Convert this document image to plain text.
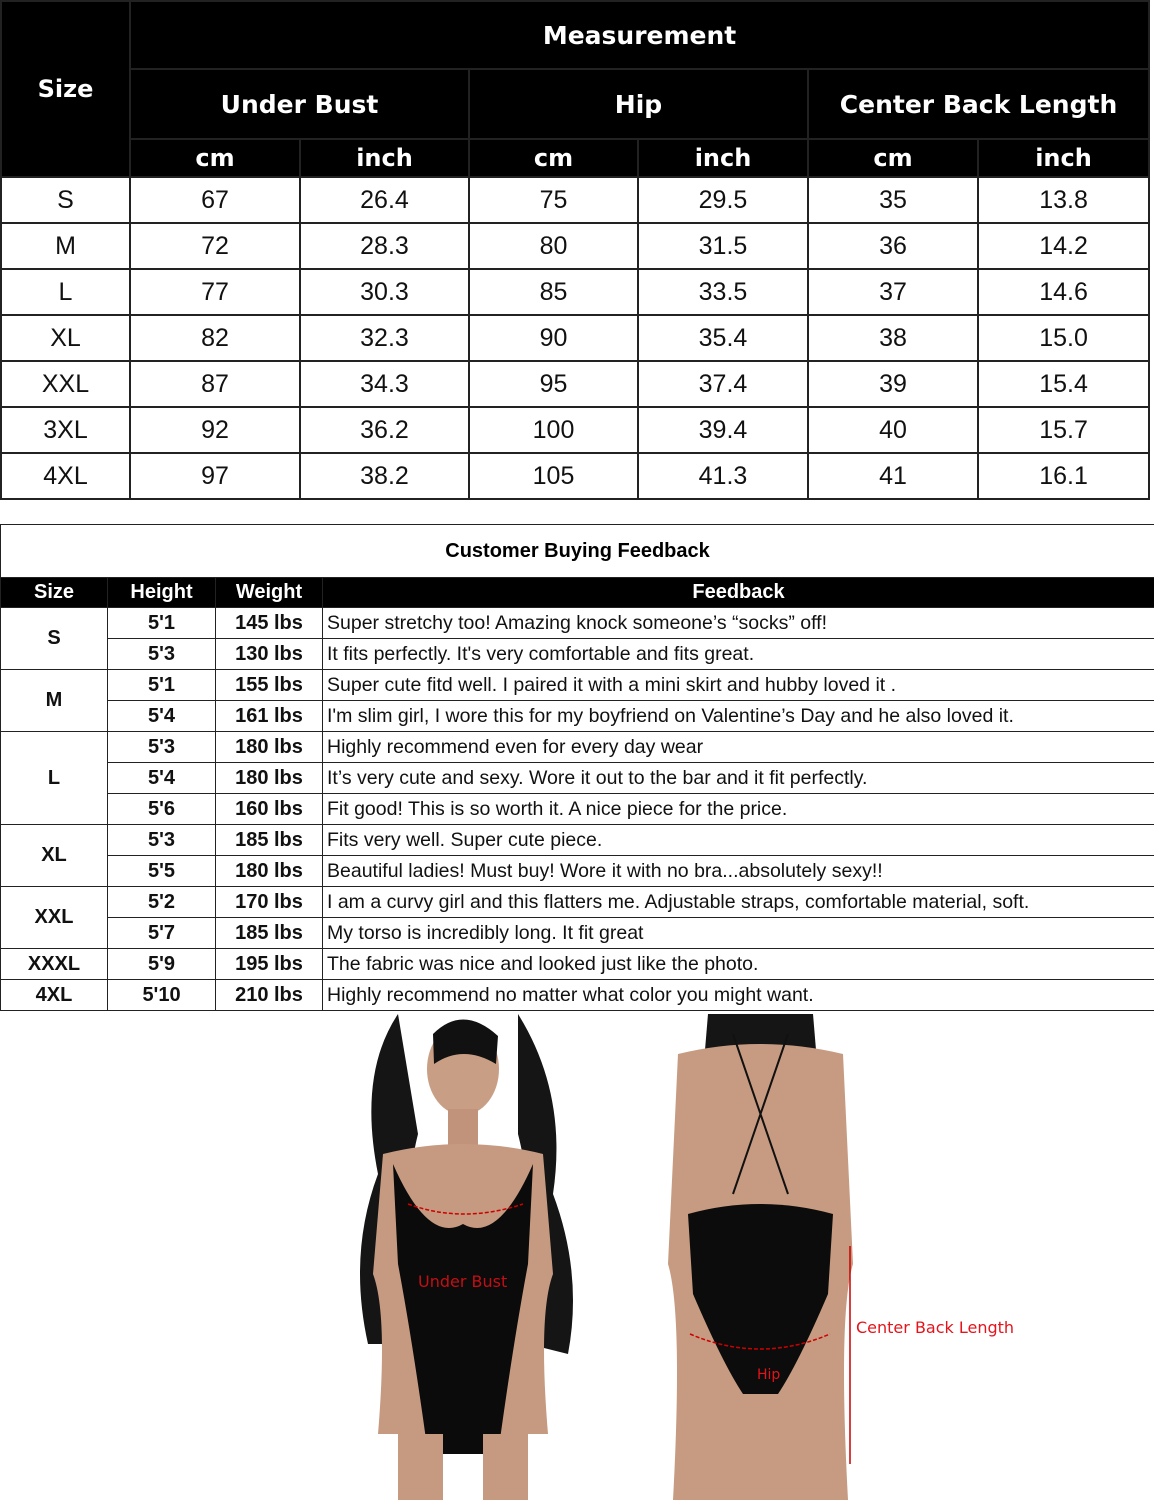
Size	Measurement					
	Under Bust		Hip		Center Back Length	
	cm	inch	cm	inch	cm	inch
S	67	26.4	75	29.5	35	13.8
M	72	28.3	80	31.5	36	14.2
L	77	30.3	85	33.5	37	14.6
XL	82	32.3	90	35.4	38	15.0
XXL	87	34.3	95	37.4	39	15.4
3XL	92	36.2	100	39.4	40	15.7
4XL	97	38.2	105	41.3	41	16.1
Customer Buying Feedback			
Size	Height	Weight	Feedback
S	5'1	145 lbs	Super stretchy too! Amazing knock someone’s “socks” off!
	5'3	130 lbs	It fits perfectly. It's very comfortable and fits great.
M	5'1	155 lbs	Super cute fitd well. I paired it with a mini skirt and hubby loved it .
	5'4	161 lbs	I'm slim girl, I wore this for my boyfriend on Valentine’s Day and he also loved it.
L	5'3	180 lbs	Highly recommend even for every day wear
	5'4	180 lbs	It’s very cute and sexy. Wore it out to the bar and it fit perfectly.
	5'6	160 lbs	Fit good! This is so worth it. A nice piece for the price.
XL	5'3	185 lbs	Fits very well. Super cute piece.
	5'5	180 lbs	Beautiful ladies! Must buy! Wore it with no bra...absolutely sexy!!
XXL	5'2	170 lbs	I am a curvy girl and this flatters me. Adjustable straps, comfortable material, soft.
	5'7	185 lbs	My torso is incredibly long. It fit great
XXXL	5'9	195 lbs	The fabric was nice and looked just like the photo.
4XL	5'10	210 lbs	Highly recommend no matter what color you might want.
Under Bust
Hip
Center Back Length
